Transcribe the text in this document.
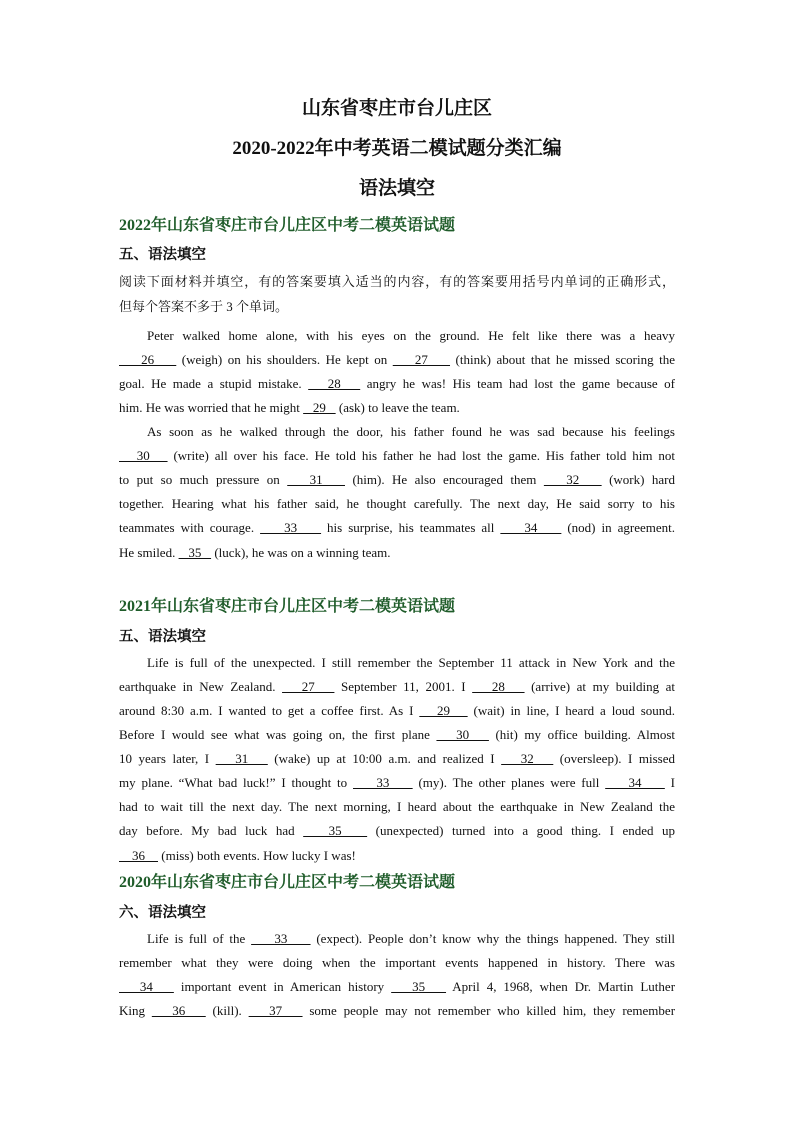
山东省枣庄市台儿庄区
2020-2022年中考英语二模试题分类汇编
语法填空
2022年山东省枣庄市台儿庄区中考二模英语试题
五、语法填空
阅读下面材料并填空，有的答案要填入适当的内容，有的答案要用括号内单词的正确形式，
但每个答案不多于 3 个单词。
Peter walked home alone, with his eyes on the ground. He felt like there was a heavy
26     (weigh) on his shoulders. He kept on     27     (think) about that he missed scoring the
goal. He made a stupid mistake.    28    angry he was! His team had lost the game because of
him. He was worried that he might    29    (ask) to leave the team.
As soon as he walked through the door, his father found he was sad because his feelings
30    (write) all over his face. He told his father he had lost the game. His father told him not
to put so much pressure on    31    (him). He also encouraged them    32    (work) hard
together. Hearing what his father said, he thought carefully. The next day, He said sorry to his
teammates with courage.     33     his surprise, his teammates all     34     (nod) in agreement.
He smiled.    35    (luck), he was on a winning team.
2021年山东省枣庄市台儿庄区中考二模英语试题
五、语法填空
Life is full of the unexpected. I still remember the September 11 attack in New York and the
earthquake in New Zealand.    27    September 11, 2001. I    28    (arrive) at my building at
around 8:30 a.m. I wanted to get a coffee first. As I    29    (wait) in line, I heard a loud sound.
Before I would see what was going on, the first plane    30    (hit) my office building. Almost
10 years later, I    31    (wake) up at 10:00 a.m. and realized I    32    (oversleep). I missed
my plane. “What bad luck!” I thought to     33     (my). The other planes were full     34     I
had to wait till the next day. The next morning, I heard about the earthquake in New Zealand the
day before. My bad luck had    35    (unexpected) turned into a good thing. I ended up
36     (miss) both events. How lucky I was!
2020年山东省枣庄市台儿庄区中考二模英语试题
六、语法填空
Life is full of the     33     (expect). People don’t know why the things happened. They still
remember what they were doing when the important events happened in history. There was
34    important event in American history    35    April 4, 1968, when Dr. Martin Luther
King    36    (kill).    37    some people may not remember who killed him, they remember
